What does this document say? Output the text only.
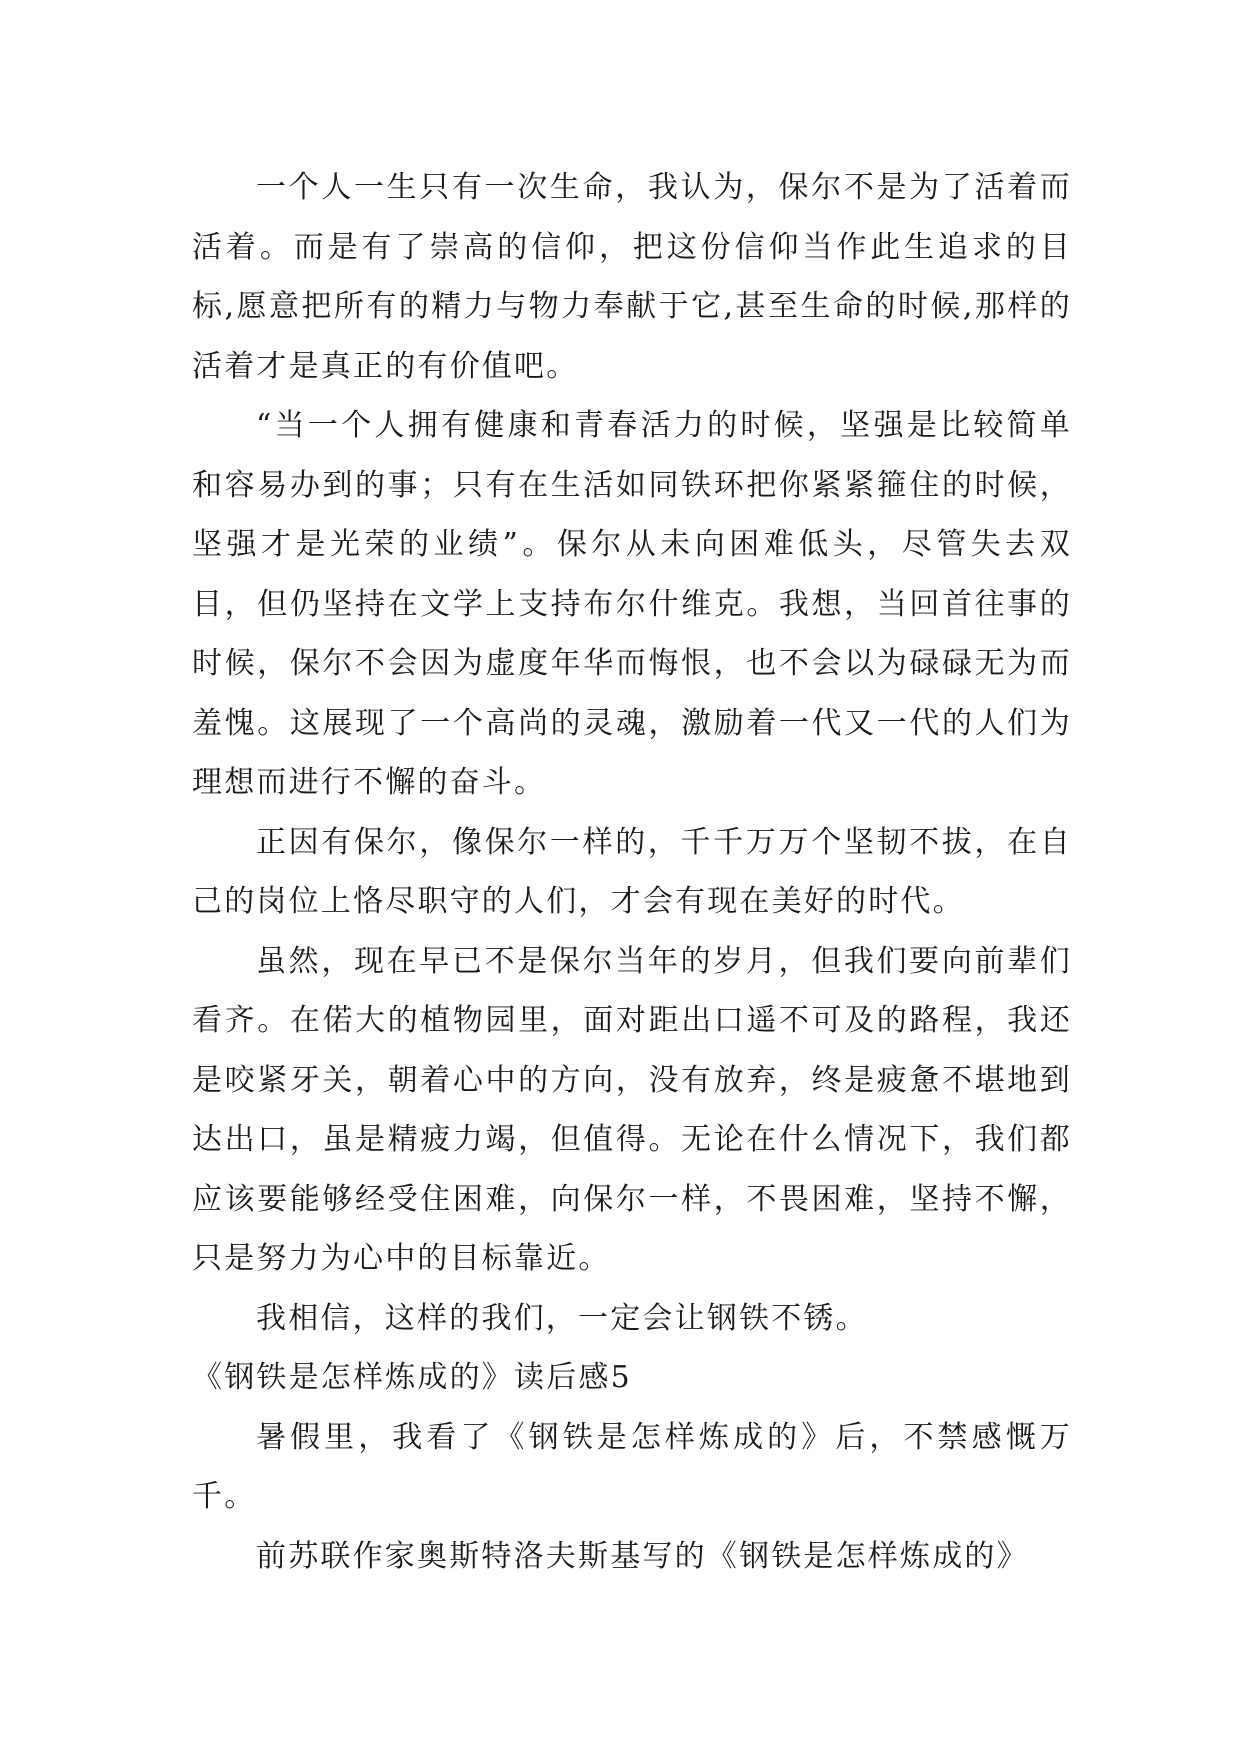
一个人一生只有一次生命，我认为，保尔不是为了活着而活着。而是有了崇高的信仰，把这份信仰当作此生追求的目标,愿意把所有的精力与物力奉献于它,甚至生命的时候,那样的活着才是真正的有价值吧。

“当一个人拥有健康和青春活力的时候，坚强是比较简单和容易办到的事；只有在生活如同铁环把你紧紧箍住的时候，坚强才是光荣的业绩”。保尔从未向困难低头，尽管失去双目，但仍坚持在文学上支持布尔什维克。我想，当回首往事的时候，保尔不会因为虚度年华而悔恨，也不会以为碌碌无为而羞愧。这展现了一个高尚的灵魂，激励着一代又一代的人们为理想而进行不懈的奋斗。

正因有保尔，像保尔一样的，千千万万个坚韧不拔，在自己的岗位上恪尽职守的人们，才会有现在美好的时代。

虽然，现在早已不是保尔当年的岁月，但我们要向前辈们看齐。在偌大的植物园里，面对距出口遥不可及的路程，我还是咬紧牙关，朝着心中的方向，没有放弃，终是疲惫不堪地到达出口，虽是精疲力竭，但值得。无论在什么情况下，我们都应该要能够经受住困难，向保尔一样，不畏困难，坚持不懈，只是努力为心中的目标靠近。

我相信，这样的我们，一定会让钢铁不锈。

《钢铁是怎样炼成的》读后感5

暑假里，我看了《钢铁是怎样炼成的》后，不禁感慨万千。

前苏联作家奥斯特洛夫斯基写的《钢铁是怎样炼成的》
